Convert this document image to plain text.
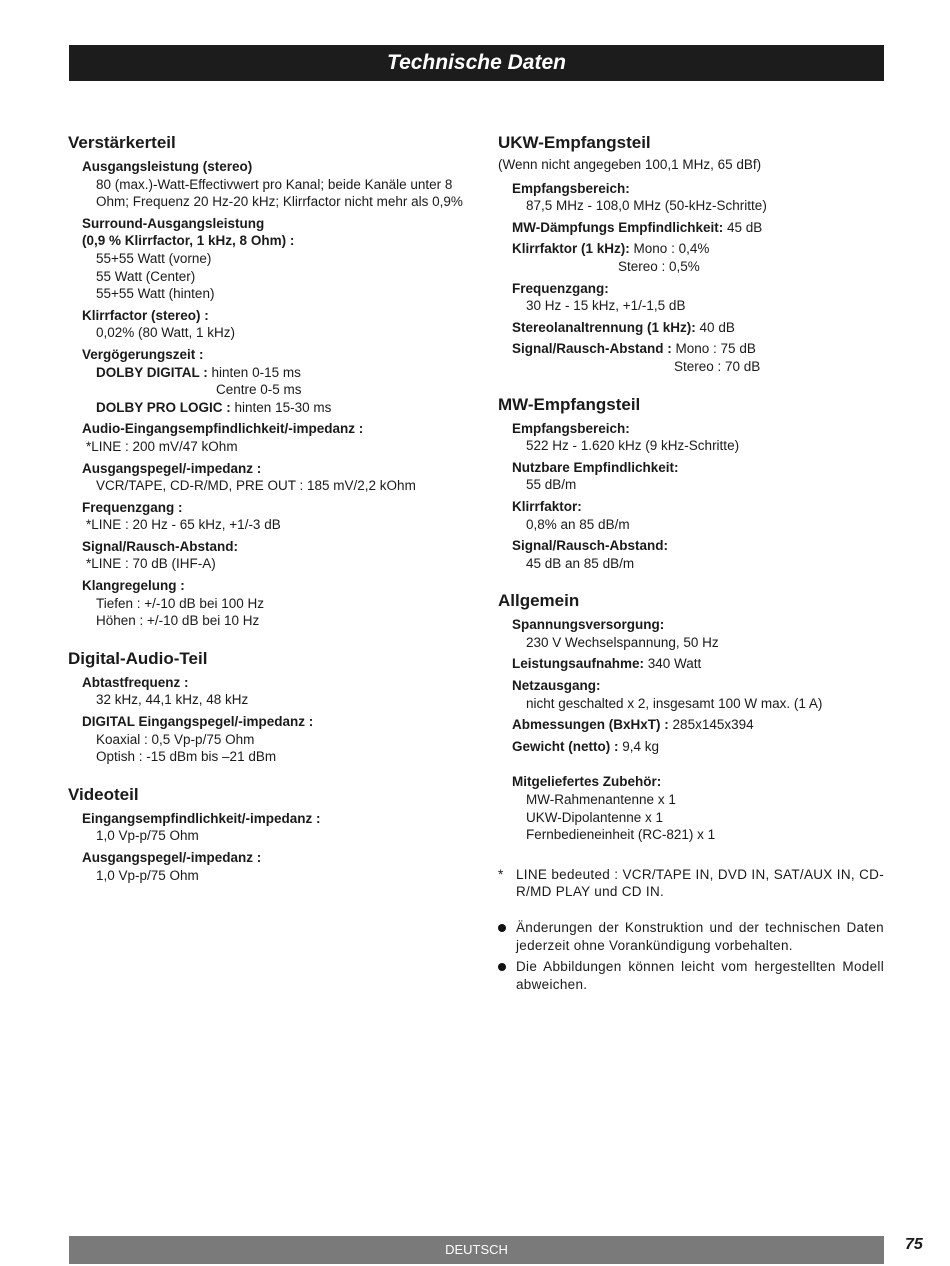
Technische Daten
Verstärkerteil
Ausgangsleistung (stereo)
80 (max.)-Watt-Effectivwert pro Kanal; beide Kanäle unter 8 Ohm; Frequenz 20 Hz-20 kHz; Klirrfactor nicht mehr als 0,9%
Surround-Ausgangsleistung
(0,9 % Klirrfactor, 1 kHz, 8 Ohm) :
55+55 Watt (vorne)
55 Watt (Center)
55+55 Watt (hinten)
Klirrfactor (stereo) :
0,02% (80 Watt, 1 kHz)
Vergögerungszeit :
DOLBY DIGITAL : hinten 0-15 ms
Centre 0-5 ms
DOLBY PRO LOGIC : hinten 15-30 ms
Audio-Eingangsempfindlichkeit/-impedanz :
*LINE : 200 mV/47 kOhm
Ausgangspegel/-impedanz :
VCR/TAPE, CD-R/MD, PRE OUT : 185 mV/2,2 kOhm
Frequenzgang :
*LINE : 20 Hz - 65 kHz, +1/-3 dB
Signal/Rausch-Abstand:
*LINE : 70 dB (IHF-A)
Klangregelung :
Tiefen : +/-10 dB bei 100 Hz
Höhen : +/-10 dB bei 10 Hz
Digital-Audio-Teil
Abtastfrequenz :
32 kHz, 44,1 kHz, 48 kHz
DIGITAL Eingangspegel/-impedanz :
Koaxial : 0,5 Vp-p/75 Ohm
Optish : -15 dBm bis –21 dBm
Videoteil
Eingangsempfindlichkeit/-impedanz :
1,0 Vp-p/75 Ohm
Ausgangspegel/-impedanz :
1,0 Vp-p/75 Ohm
UKW-Empfangsteil
(Wenn nicht angegeben 100,1 MHz, 65 dBf)
Empfangsbereich:
87,5 MHz - 108,0 MHz (50-kHz-Schritte)
MW-Dämpfungs Empfindlichkeit: 45 dB
Klirrfaktor (1 kHz): Mono : 0,4%
Stereo : 0,5%
Frequenzgang:
30 Hz - 15 kHz, +1/-1,5 dB
Stereolanaltrennung (1 kHz): 40 dB
Signal/Rausch-Abstand : Mono : 75 dB
Stereo : 70 dB
MW-Empfangsteil
Empfangsbereich:
522 Hz - 1.620 kHz (9 kHz-Schritte)
Nutzbare Empfindlichkeit:
55 dB/m
Klirrfaktor:
0,8% an 85 dB/m
Signal/Rausch-Abstand:
45 dB an 85 dB/m
Allgemein
Spannungsversorgung:
230 V Wechselspannung, 50 Hz
Leistungsaufnahme: 340 Watt
Netzausgang:
nicht geschalted x 2, insgesamt 100 W max. (1 A)
Abmessungen (BxHxT) : 285x145x394
Gewicht (netto) : 9,4 kg
Mitgeliefertes Zubehör:
MW-Rahmenantenne x 1
UKW-Dipolantenne x 1
Fernbedieneinheit (RC-821) x 1
* LINE bedeuted : VCR/TAPE IN, DVD IN, SAT/AUX IN, CD-R/MD PLAY und CD IN.
Änderungen der Konstruktion und der technischen Daten jederzeit ohne Vorankündigung vorbehalten.
Die Abbildungen können leicht vom hergestellten Modell abweichen.
DEUTSCH	75
